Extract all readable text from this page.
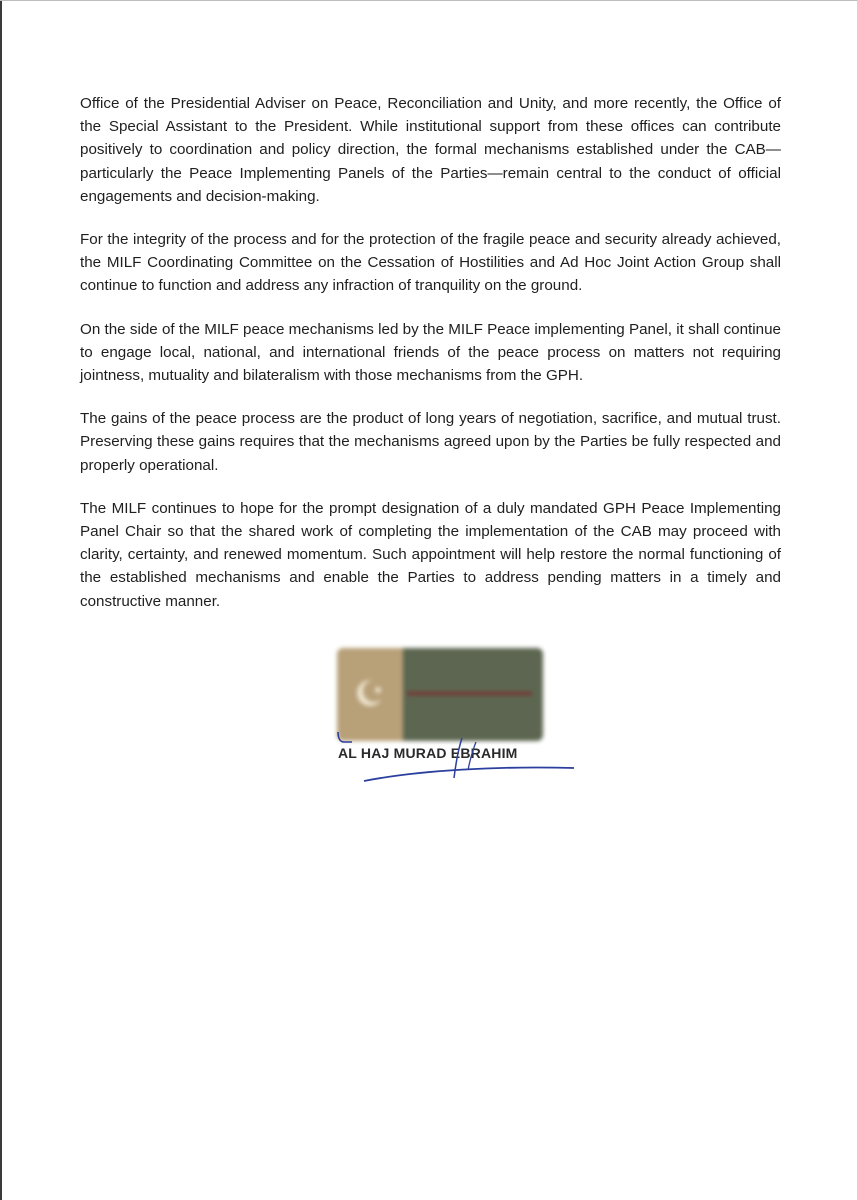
Office of the Presidential Adviser on Peace, Reconciliation and Unity, and more recently, the Office of the Special Assistant to the President. While institutional support from these offices can contribute positively to coordination and policy direction, the formal mechanisms established under the CAB—particularly the Peace Implementing Panels of the Parties—remain central to the conduct of official engagements and decision-making.

For the integrity of the process and for the protection of the fragile peace and security already achieved, the MILF Coordinating Committee on the Cessation of Hostilities and Ad Hoc Joint Action Group shall continue to function and address any infraction of tranquility on the ground.

On the side of the MILF peace mechanisms led by the MILF Peace implementing Panel, it shall continue to engage local, national, and international friends of the peace process on matters not requiring jointness, mutuality and bilateralism with those mechanisms from the GPH.

The gains of the peace process are the product of long years of negotiation, sacrifice, and mutual trust. Preserving these gains requires that the mechanisms agreed upon by the Parties be fully respected and properly operational.

The MILF continues to hope for the prompt designation of a duly mandated GPH Peace Implementing Panel Chair so that the shared work of completing the implementation of the CAB may proceed with clarity, certainty, and renewed momentum. Such appointment will help restore the normal functioning of the established mechanisms and enable the Parties to address pending matters in a timely and constructive manner.

AL HAJ MURAD EBRAHIM
